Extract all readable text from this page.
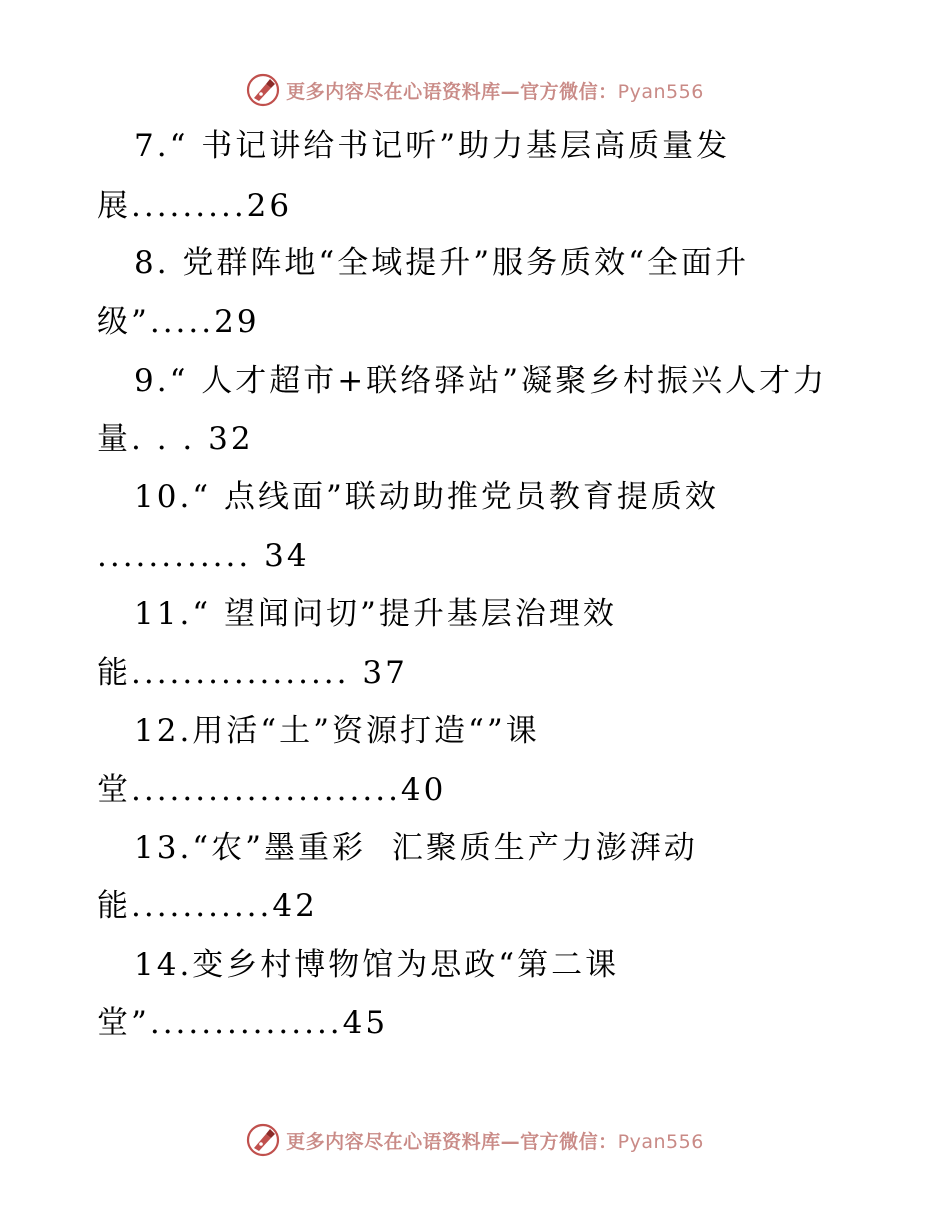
更多内容尽在心语资料库—官方微信：Pyan556
7.“ 书记讲给书记听”助力基层高质量发
展.........26
8. 党群阵地“全域提升”服务质效“全面升
级”.....29
9.“ 人才超市+联络驿站”凝聚乡村振兴人才力
量. . . 32
10.“ 点线面”联动助推党员教育提质效
............ 34
11.“ 望闻问切”提升基层治理效
能................. 37
12.用活“土”资源打造“”课
堂.....................40
13.“农”墨重彩  汇聚质生产力澎湃动
能...........42
14.变乡村博物馆为思政“第二课
堂”...............45
更多内容尽在心语资料库—官方微信：Pyan556
